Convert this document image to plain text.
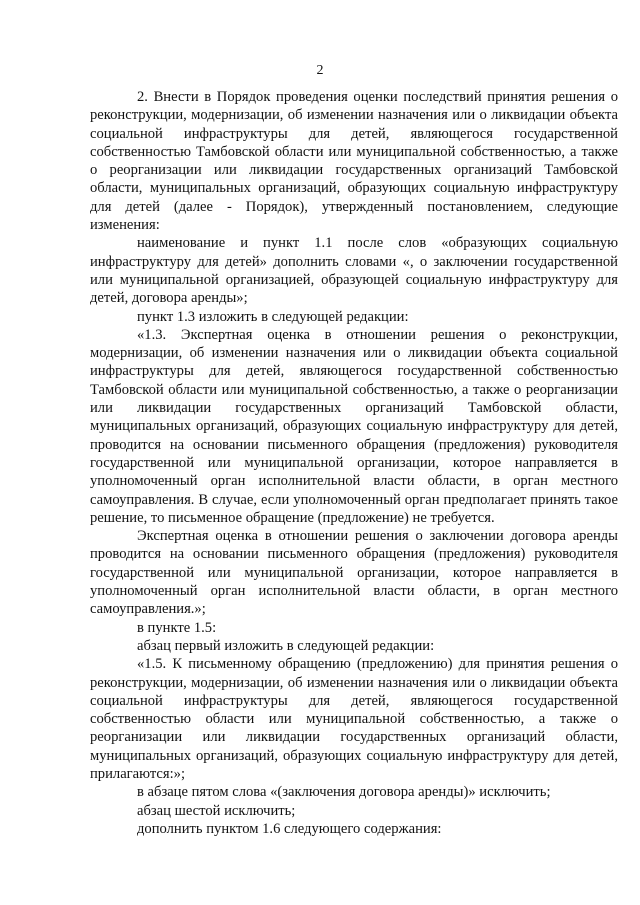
2

2. Внести в Порядок проведения оценки последствий принятия решения о реконструкции, модернизации, об изменении назначения или о ликвидации объекта социальной инфраструктуры для детей, являющегося государственной собственностью Тамбовской области или муниципальной собственностью, а также о реорганизации или ликвидации государственных организаций Тамбовской области, муниципальных организаций, образующих социальную инфраструктуру для детей (далее - Порядок), утвержденный постановлением, следующие изменения:

наименование и пункт 1.1 после слов «образующих социальную инфраструктуру для детей» дополнить словами «, о заключении государственной или муниципальной организацией, образующей социальную инфраструктуру для детей, договора аренды»;

пункт 1.3 изложить в следующей редакции:

«1.3. Экспертная оценка в отношении решения о реконструкции, модернизации, об изменении назначения или о ликвидации объекта социальной инфраструктуры для детей, являющегося государственной собственностью Тамбовской области или муниципальной собственностью, а также о реорганизации или ликвидации государственных организаций Тамбовской области, муниципальных организаций, образующих социальную инфраструктуру для детей, проводится на основании письменного обращения (предложения) руководителя государственной или муниципальной организации, которое направляется в уполномоченный орган исполнительной власти области, в орган местного самоуправления. В случае, если уполномоченный орган предполагает принять такое решение, то письменное обращение (предложение) не требуется.

Экспертная оценка в отношении решения о заключении договора аренды проводится на основании письменного обращения (предложения) руководителя государственной или муниципальной организации, которое направляется в уполномоченный орган исполнительной власти области, в орган местного самоуправления.»;

в пункте 1.5:

абзац первый изложить в следующей редакции:

«1.5. К письменному обращению (предложению) для принятия решения о реконструкции, модернизации, об изменении назначения или о ликвидации объекта социальной инфраструктуры для детей, являющегося государственной собственностью области или муниципальной собственностью, а также о реорганизации или ликвидации государственных организаций области, муниципальных организаций, образующих социальную инфраструктуру для детей, прилагаются:»;

в абзаце пятом слова «(заключения договора аренды)» исключить;

абзац шестой исключить;

дополнить пунктом 1.6 следующего содержания:
